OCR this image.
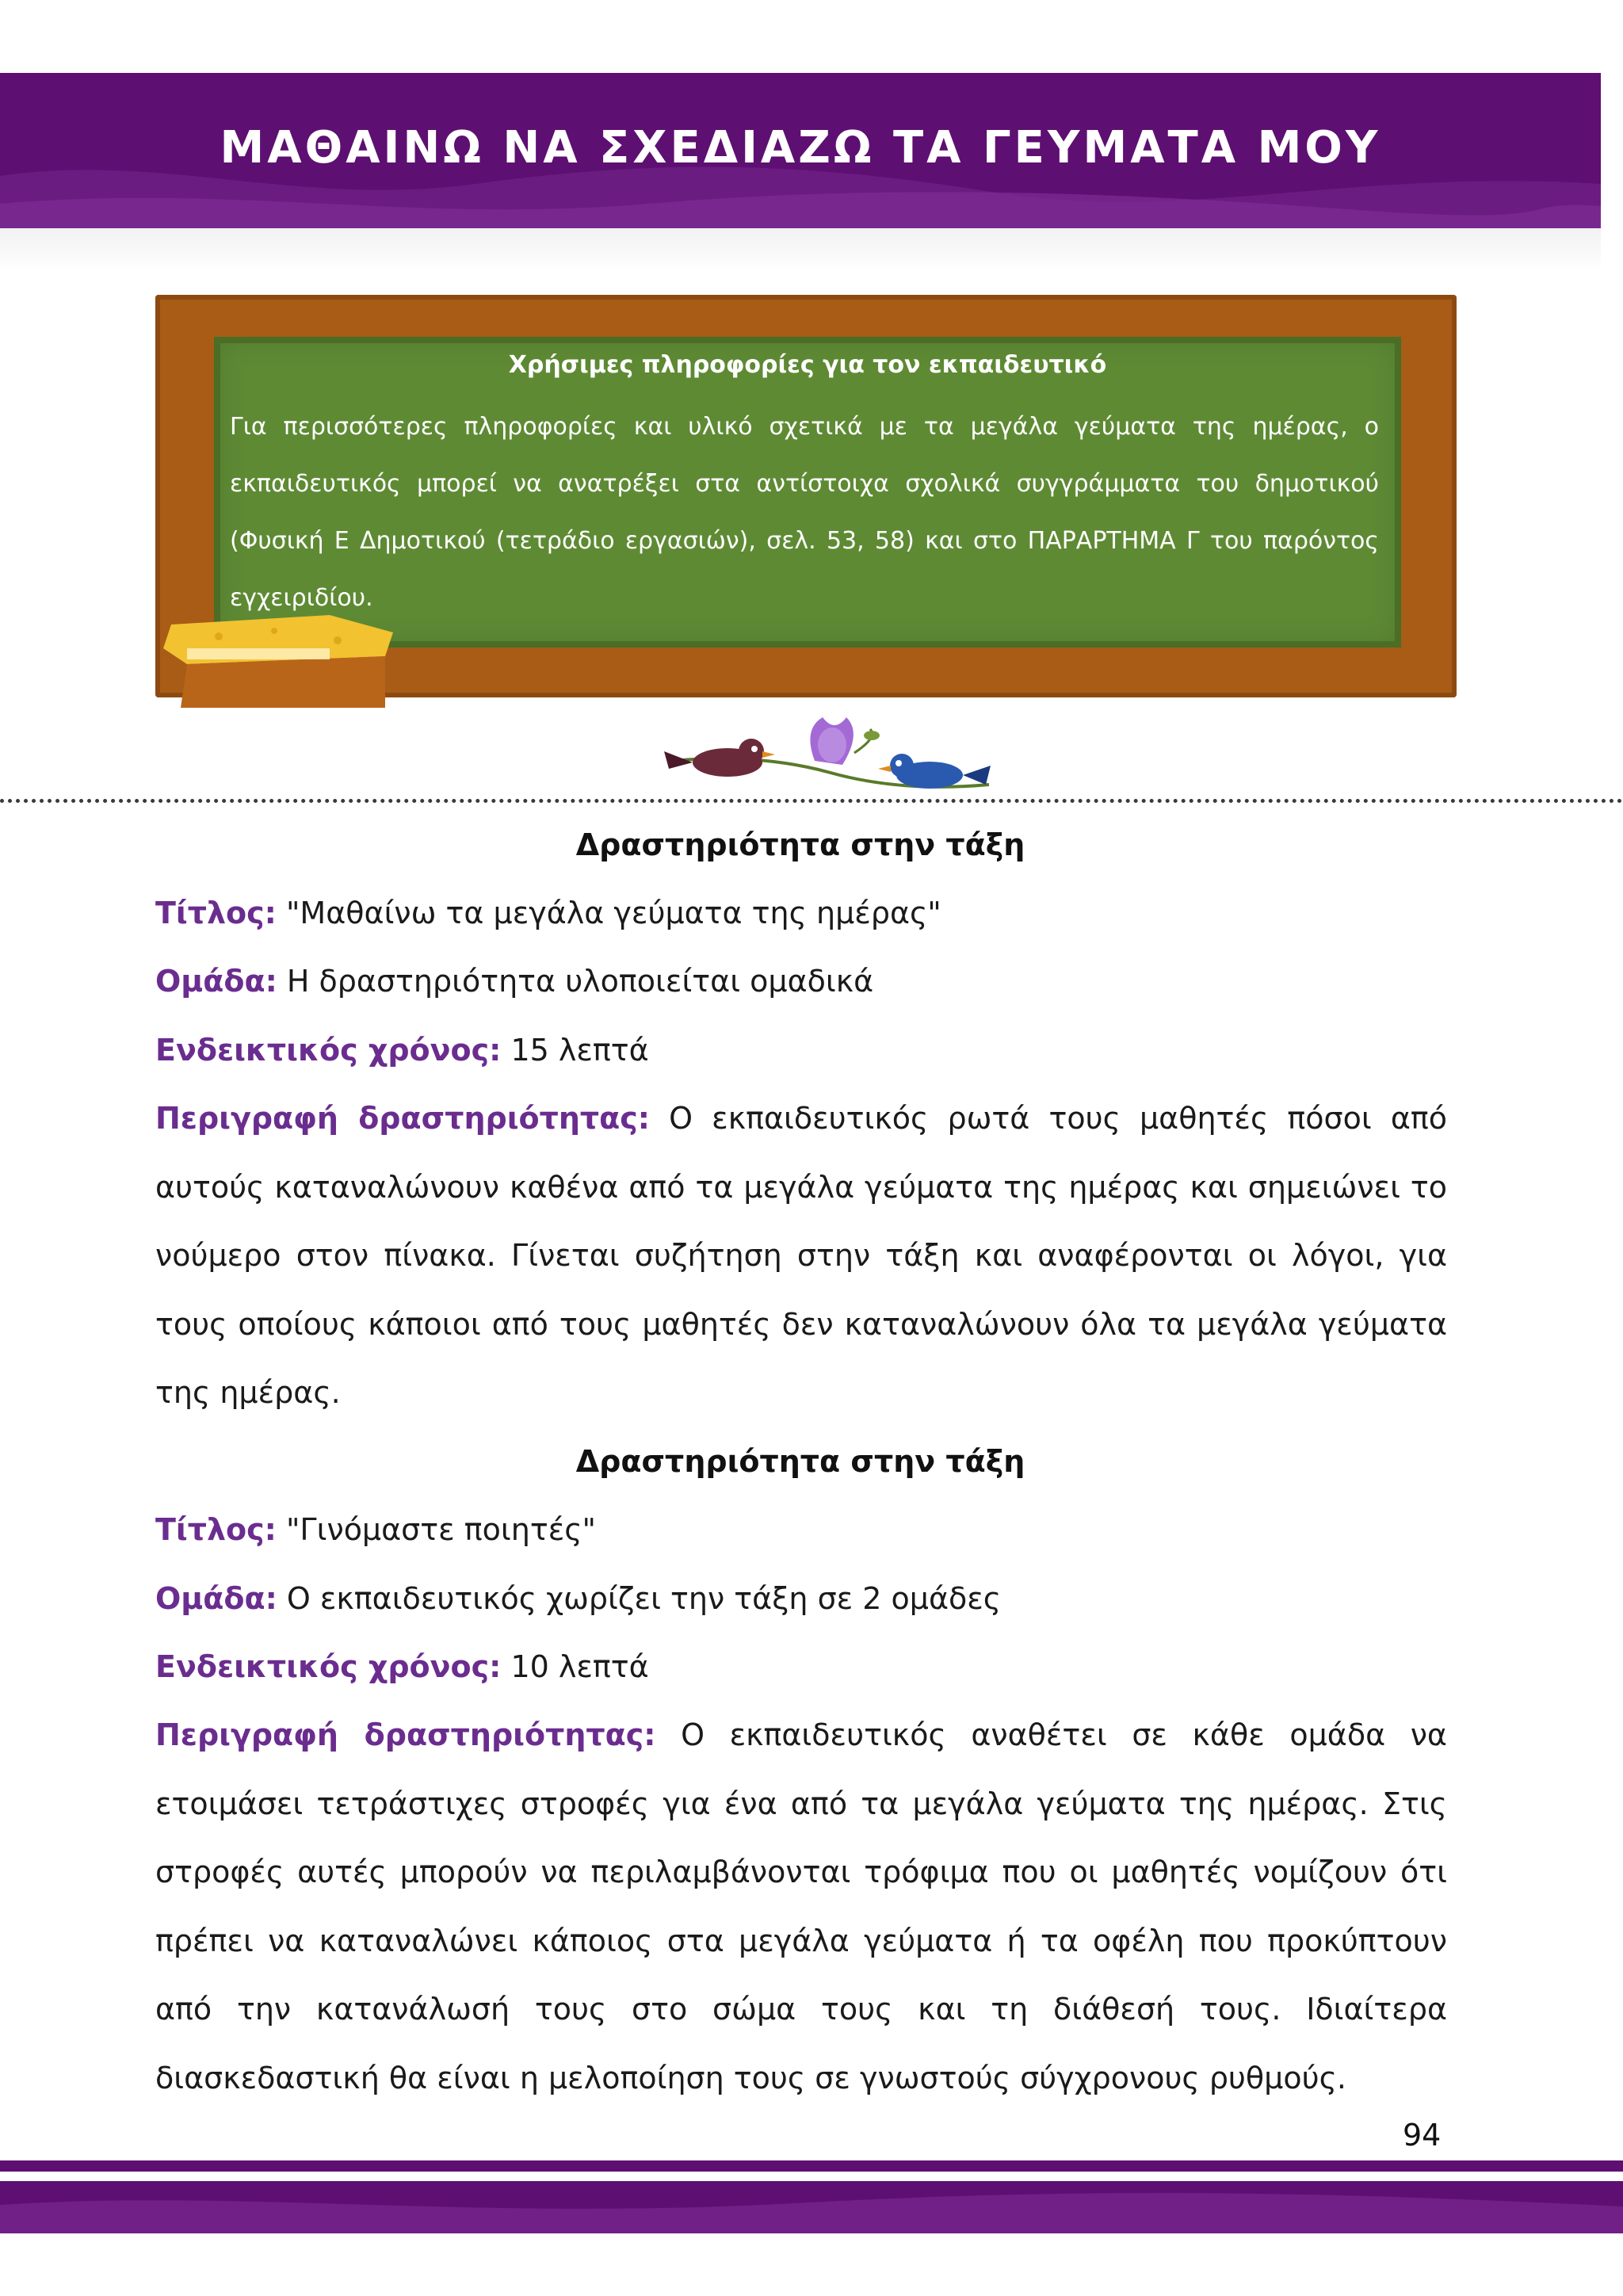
ΜΑΘΑΙΝΩ ΝΑ ΣΧΕΔΙΑΖΩ ΤΑ ΓΕΥΜΑΤΑ ΜΟΥ
Χρήσιμες πληροφορίες για τον εκπαιδευτικό
Για περισσότερες πληροφορίες και υλικό σχετικά με τα μεγάλα γεύματα της ημέρας, ο εκπαιδευτικός μπορεί να ανατρέξει στα αντίστοιχα σχολικά συγγράμματα του δημοτικού (Φυσική Ε Δημοτικού (τετράδιο εργασιών), σελ. 53, 58) και στο ΠΑΡΑΡΤΗΜΑ Γ του παρόντος εγχειριδίου.
Δραστηριότητα στην τάξη
Τίτλος: "Μαθαίνω τα μεγάλα γεύματα της ημέρας"
Ομάδα: Η δραστηριότητα υλοποιείται ομαδικά
Ενδεικτικός χρόνος: 15 λεπτά
Περιγραφή δραστηριότητας: Ο εκπαιδευτικός ρωτά τους μαθητές πόσοι από αυτούς καταναλώνουν καθένα από τα μεγάλα γεύματα της ημέρας και σημειώνει το νούμερο στον πίνακα. Γίνεται συζήτηση στην τάξη και αναφέρονται οι λόγοι, για τους οποίους κάποιοι από τους μαθητές δεν καταναλώνουν όλα τα μεγάλα γεύματα της ημέρας.
Δραστηριότητα στην τάξη
Τίτλος: "Γινόμαστε ποιητές"
Ομάδα: Ο εκπαιδευτικός χωρίζει την τάξη σε 2 ομάδες
Ενδεικτικός χρόνος: 10 λεπτά
Περιγραφή δραστηριότητας: Ο εκπαιδευτικός αναθέτει σε κάθε ομάδα να ετοιμάσει τετράστιχες στροφές για ένα από τα μεγάλα γεύματα της ημέρας. Στις στροφές αυτές μπορούν να περιλαμβάνονται τρόφιμα που οι μαθητές νομίζουν ότι πρέπει να καταναλώνει κάποιος στα μεγάλα γεύματα ή τα οφέλη που προκύπτουν από την κατανάλωσή τους στο σώμα τους και τη διάθεσή τους. Ιδιαίτερα διασκεδαστική θα είναι η μελοποίηση τους σε γνωστούς σύγχρονους ρυθμούς.
94
